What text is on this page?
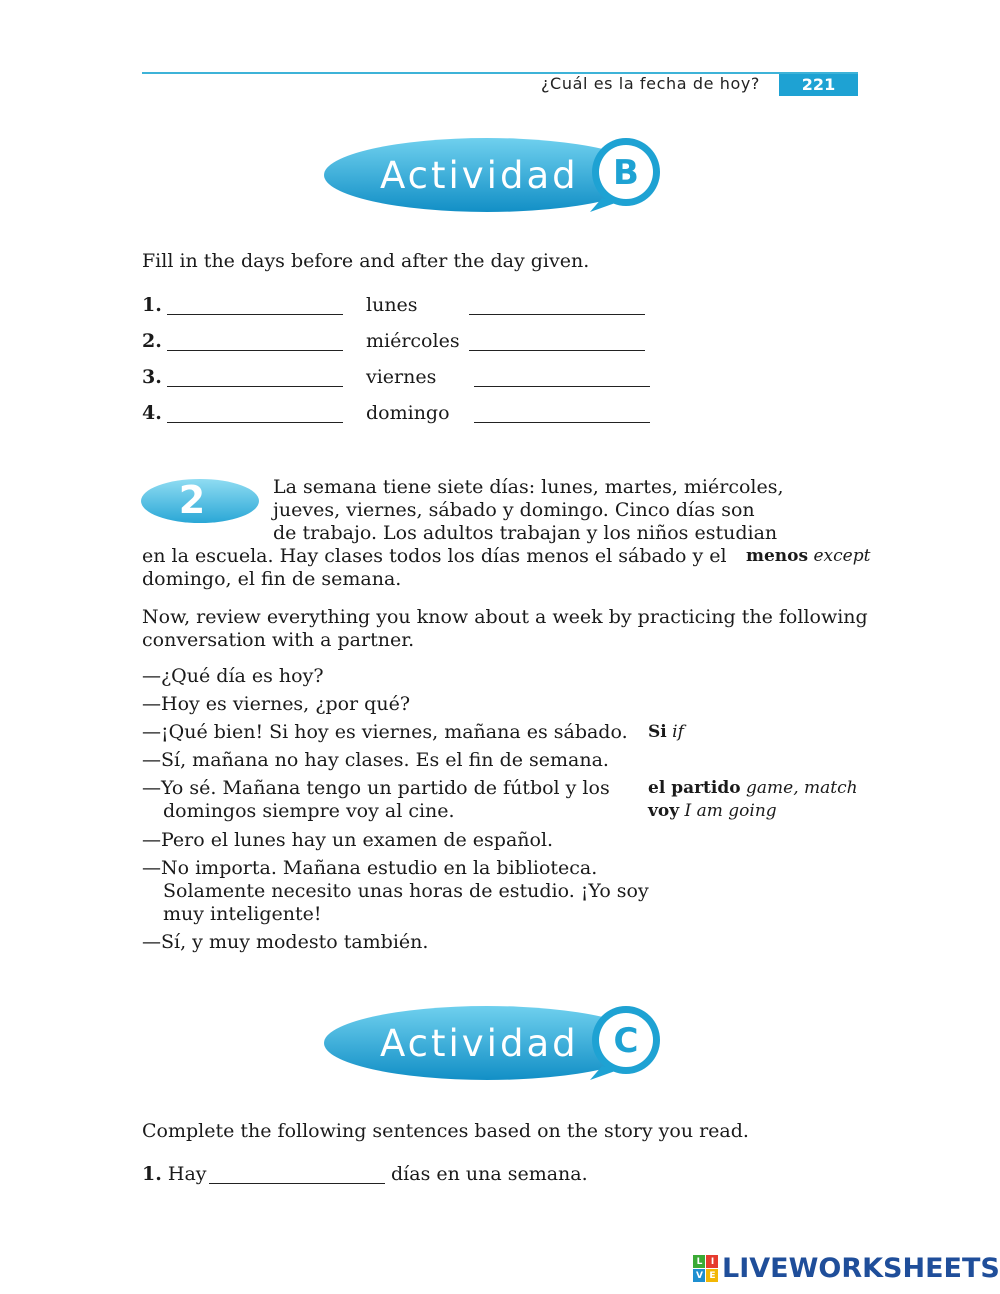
¿Cuál es la fecha de hoy?	221
Actividad	B
Fill in the days before and after the day given.
1.	lunes
2.	miércoles
3.	viernes
4.	domingo
2	La semana tiene siete días: lunes, martes, miércoles,
jueves, viernes, sábado y domingo. Cinco días son
de trabajo. Los adultos trabajan y los niños estudian
en la escuela. Hay clases todos los días menos el sábado y el
domingo, el fin de semana.
menos except
Now, review everything you know about a week by practicing the following
conversation with a partner.
—¿Qué día es hoy?
—Hoy es viernes, ¿por qué?
—¡Qué bien! Si hoy es viernes, mañana es sábado.
—Sí, mañana no hay clases. Es el fin de semana.
—Yo sé. Mañana tengo un partido de fútbol y los
domingos siempre voy al cine.
—Pero el lunes hay un examen de español.
—No importa. Mañana estudio en la biblioteca.
Solamente necesito unas horas de estudio. ¡Yo soy
muy inteligente!
—Sí, y muy modesto también.
Si if
el partido game, match
voy I am going
Actividad	C
Complete the following sentences based on the story you read.
1. Hay	días en una semana.
L I
V E LIVEWORKSHEETS
